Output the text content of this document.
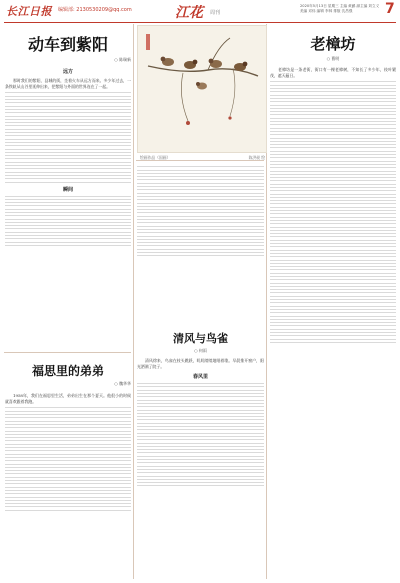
长江日报 编辑部: 2130530209@qq.com	江花 周刊
2020年5月13日 星期三 主编 黄鹂 副主编 刘立义 美编 邓伟 编辑 李林 排版 沈昌强	7
动车到紫阳
○ 陈瑞新
远方
那时我们的紫阳，县城的街，坐着火车从远方而来。多少年过去，一条铁轨从山谷里延伸出来，把紫阳与外面的世界连在了一起。
瞬间
福思里的弟弟
○ 魏华华
1958年，我们在福思里生活，弟弟出生在那个夏天。他很小的时候就喜欢跟着我跑。
绘画作品（国画）	陈洪昶 绘
清风与鸟雀
○ 何雨
清风徐来，鸟雀在枝头跳跃，叽叽喳喳地唱着歌。早晨推开窗户，阳光洒满了院子。
春风里
老樟坊
○ 曹明
老樟坊是一条老街，街口有一棵老樟树，不知长了多少年，枝叶繁茂，遮天蔽日。
